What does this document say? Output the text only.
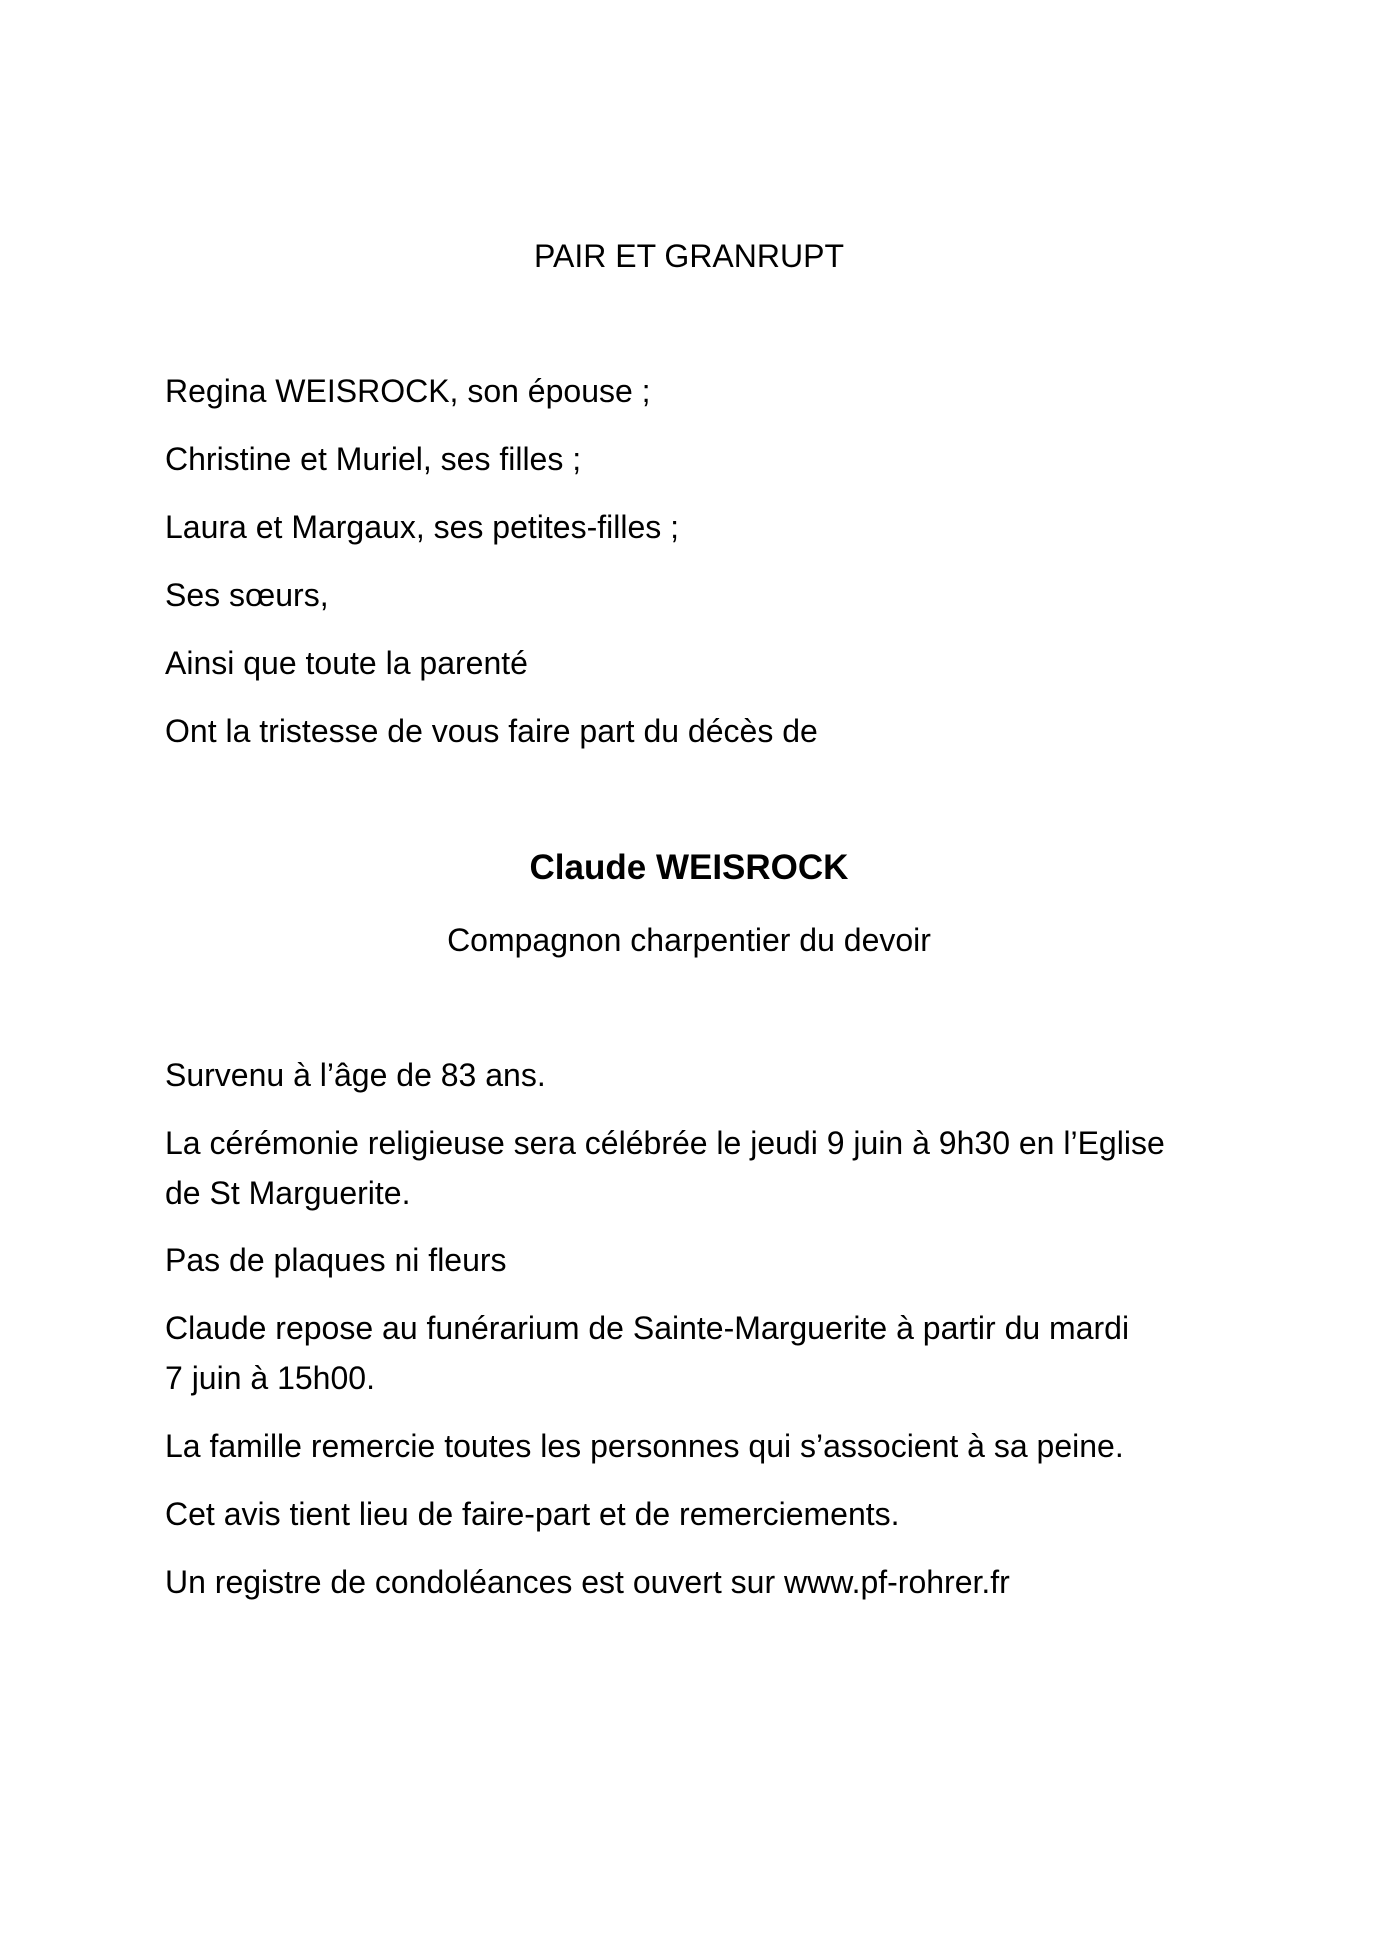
PAIR ET GRANRUPT

Regina WEISROCK, son épouse ;

Christine et Muriel, ses filles ;

Laura et Margaux, ses petites-filles ;

Ses sœurs,

Ainsi que toute la parenté

Ont la tristesse de vous faire part du décès de

Claude WEISROCK

Compagnon charpentier du devoir

Survenu à l’âge de 83 ans.

La cérémonie religieuse sera célébrée le jeudi 9 juin à 9h30 en l’Eglise

de St Marguerite.

Pas de plaques ni fleurs

Claude repose au funérarium de Sainte-Marguerite à partir du mardi

7 juin à 15h00.

La famille remercie toutes les personnes qui s’associent à sa peine.

Cet avis tient lieu de faire-part et de remerciements.

Un registre de condoléances est ouvert sur www.pf-rohrer.fr
